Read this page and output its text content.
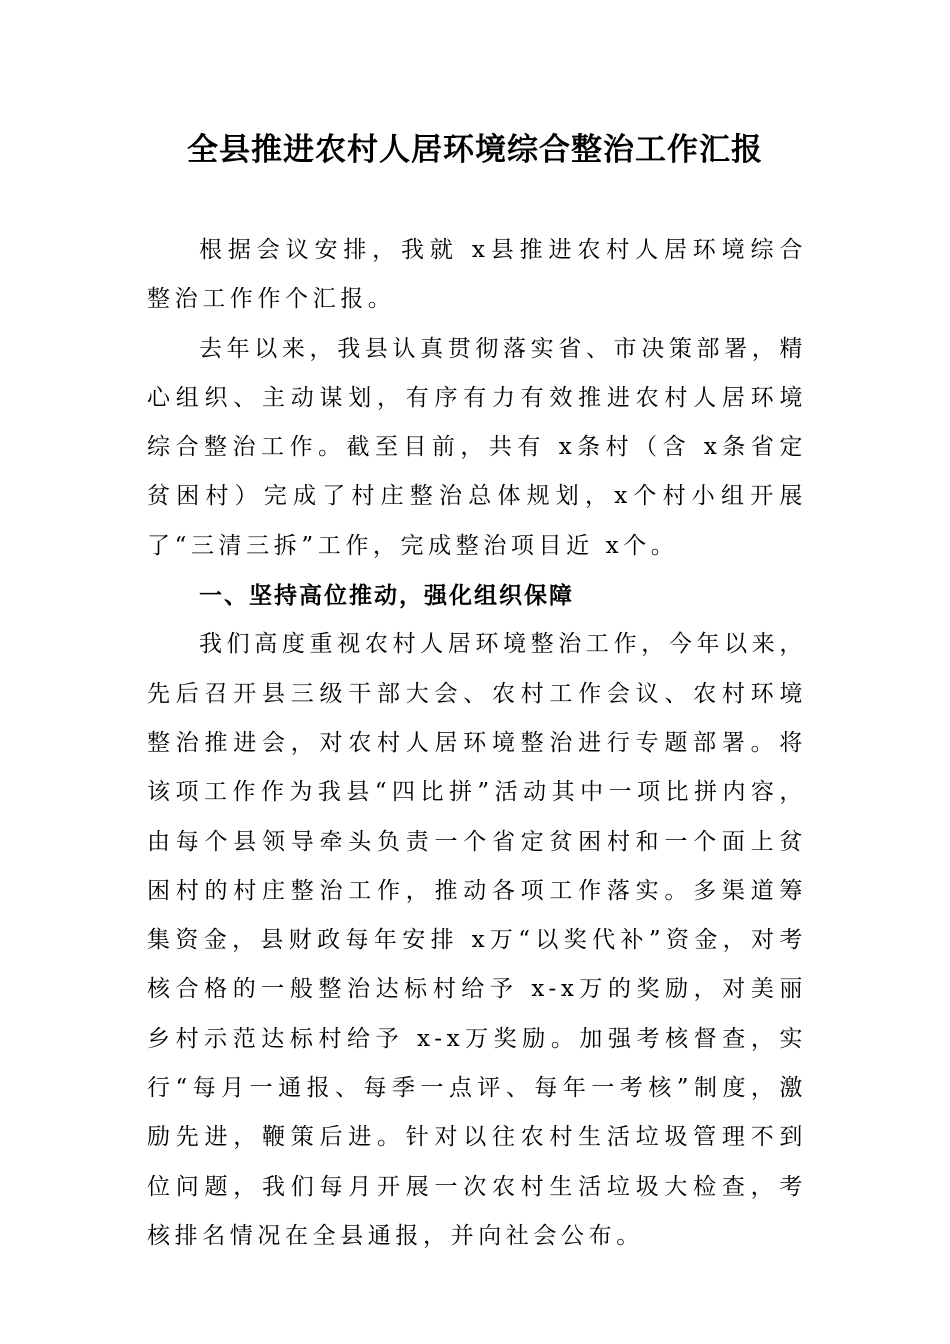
全县推进农村人居环境综合整治工作汇报

根据会议安排，我就 x县推进农村人居环境综合整治工作作个汇报。

去年以来，我县认真贯彻落实省、市决策部署，精心组织、主动谋划，有序有力有效推进农村人居环境综合整治工作。截至目前，共有 x条村（含 x条省定贫困村）完成了村庄整治总体规划，x个村小组开展了“三清三拆”工作，完成整治项目近 x个。

一、坚持高位推动，强化组织保障

我们高度重视农村人居环境整治工作，今年以来，先后召开县三级干部大会、农村工作会议、农村环境整治推进会，对农村人居环境整治进行专题部署。将该项工作作为我县“四比拼”活动其中一项比拼内容，由每个县领导牵头负责一个省定贫困村和一个面上贫困村的村庄整治工作，推动各项工作落实。多渠道筹集资金，县财政每年安排 x万“以奖代补”资金，对考核合格的一般整治达标村给予 x-x万的奖励，对美丽乡村示范达标村给予 x-x万奖励。加强考核督查，实行“每月一通报、每季一点评、每年一考核”制度，激励先进，鞭策后进。针对以往农村生活垃圾管理不到位问题，我们每月开展一次农村生活垃圾大检查，考核排名情况在全县通报，并向社会公布。
